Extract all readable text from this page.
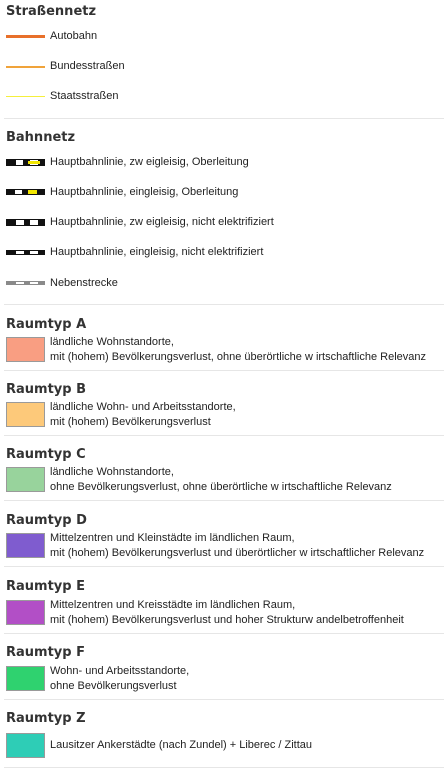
Straßennetz
Autobahn
Bundesstraßen
Staatsstraßen
Bahnnetz
Hauptbahnlinie, zw eigleisig, Oberleitung
Hauptbahnlinie, eingleisig, Oberleitung
Hauptbahnlinie, zw eigleisig, nicht elektrifiziert
Hauptbahnlinie, eingleisig, nicht elektrifiziert
Nebenstrecke
Raumtyp A
ländliche Wohnstandorte,
mit (hohem) Bevölkerungsverlust, ohne überörtliche w irtschaftliche Relevanz
Raumtyp B
ländliche Wohn- und Arbeitsstandorte,
mit (hohem) Bevölkerungsverlust
Raumtyp C
ländliche Wohnstandorte,
ohne Bevölkerungsverlust, ohne überörtliche w irtschaftliche Relevanz
Raumtyp D
Mittelzentren und Kleinstädte im ländlichen Raum,
mit (hohem) Bevölkerungsverlust und überörtlicher w irtschaftlicher Relevanz
Raumtyp E
Mittelzentren und Kreisstädte im ländlichen Raum,
mit (hohem) Bevölkerungsverlust und hoher Strukturw andelbetroffenheit
Raumtyp F
Wohn- und Arbeitsstandorte,
ohne Bevölkerungsverlust
Raumtyp Z
Lausitzer Ankerstädte (nach Zundel) + Liberec / Zittau
